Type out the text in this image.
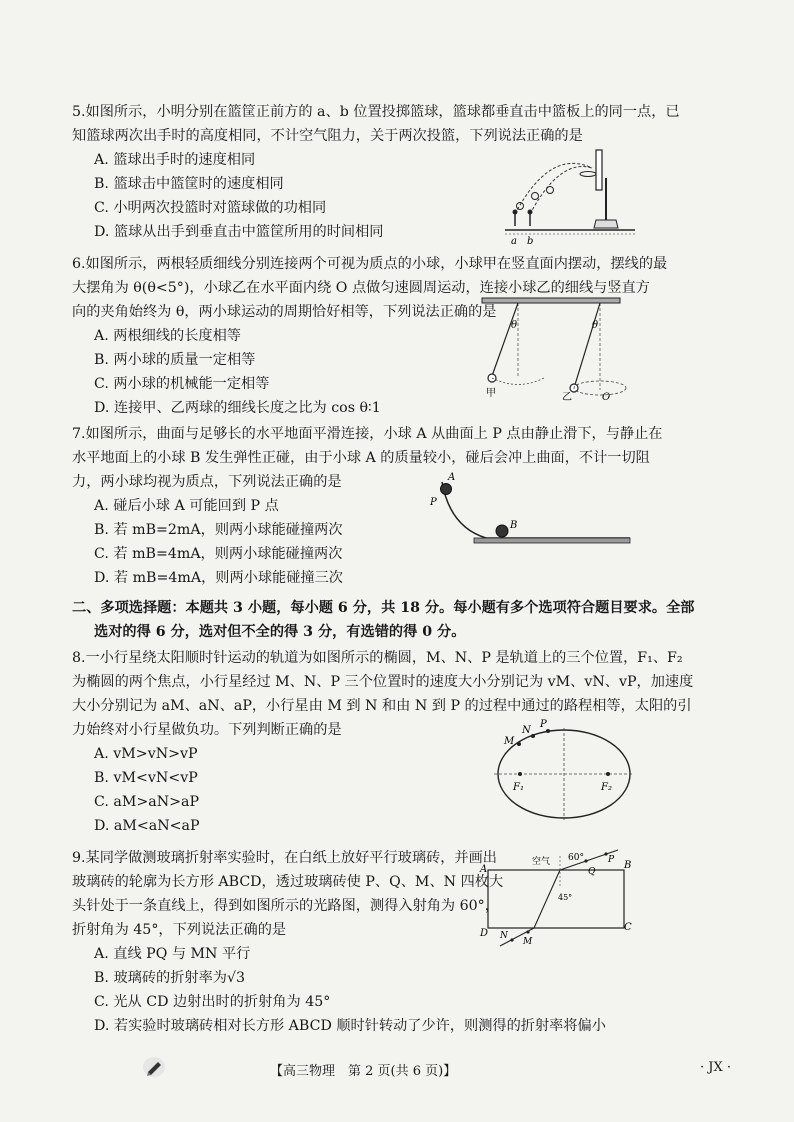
5.如图所示，小明分别在篮筐正前方的 a、b 位置投掷篮球，篮球都垂直击中篮板上的同一点，已
知篮球两次出手时的高度相同，不计空气阻力，关于两次投篮，下列说法正确的是
A. 篮球出手时的速度相同
B. 篮球击中篮筐时的速度相同
C. 小明两次投篮时对篮球做的功相同
D. 篮球从出手到垂直击中篮筐所用的时间相同
a b
6.如图所示，两根轻质细线分别连接两个可视为质点的小球，小球甲在竖直面内摆动，摆线的最
大摆角为 θ(θ<5°)，小球乙在水平面内绕 O 点做匀速圆周运动，连接小球乙的细线与竖直方
向的夹角始终为 θ，两小球运动的周期恰好相等，下列说法正确的是
A. 两根细线的长度相等
B. 两小球的质量一定相等
C. 两小球的机械能一定相等
D. 连接甲、乙两球的细线长度之比为 cos θ∶1
θ	θ
甲	乙	O
7.如图所示，曲面与足够长的水平地面平滑连接，小球 A 从曲面上 P 点由静止滑下，与静止在
水平地面上的小球 B 发生弹性正碰，由于小球 A 的质量较小，碰后会冲上曲面，不计一切阻
力，两小球均视为质点，下列说法正确的是
A. 碰后小球 A 可能回到 P 点
B. 若 mB=2mA，则两小球能碰撞两次
C. 若 mB=4mA，则两小球能碰撞两次
D. 若 mB=4mA，则两小球能碰撞三次
A
P
B
二、多项选择题：本题共 3 小题，每小题 6 分，共 18 分。每小题有多个选项符合题目要求。全部
选对的得 6 分，选对但不全的得 3 分，有选错的得 0 分。
8.一小行星绕太阳顺时针运动的轨道为如图所示的椭圆，M、N、P 是轨道上的三个位置，F₁、F₂
为椭圆的两个焦点，小行星经过 M、N、P 三个位置时的速度大小分别记为 vM、vN、vP，加速度
大小分别记为 aM、aN、aP，小行星由 M 到 N 和由 N 到 P 的过程中通过的路程相等，太阳的引
力始终对小行星做负功。下列判断正确的是
A. vM>vN>vP
B. vM<vN<vP
C. aM>aN>aP
D. aM<aN<aP
M
N
P
F₁	F₂
9.某同学做测玻璃折射率实验时，在白纸上放好平行玻璃砖，并画出
玻璃砖的轮廓为长方形 ABCD，透过玻璃砖使 P、Q、M、N 四枚大
头针处于一条直线上，得到如图所示的光路图，测得入射角为 60°，
折射角为 45°，下列说法正确的是
A. 直线 PQ 与 MN 平行
B. 玻璃砖的折射率为√3
C. 光从 CD 边射出时的折射角为 45°
D. 若实验时玻璃砖相对长方形 ABCD 顺时针转动了少许，则测得的折射率将偏小
A	B
C
D
空气 60°
45°
P
Q
M
N
【高三物理　第 2 页(共 6 页)】	· JX ·
